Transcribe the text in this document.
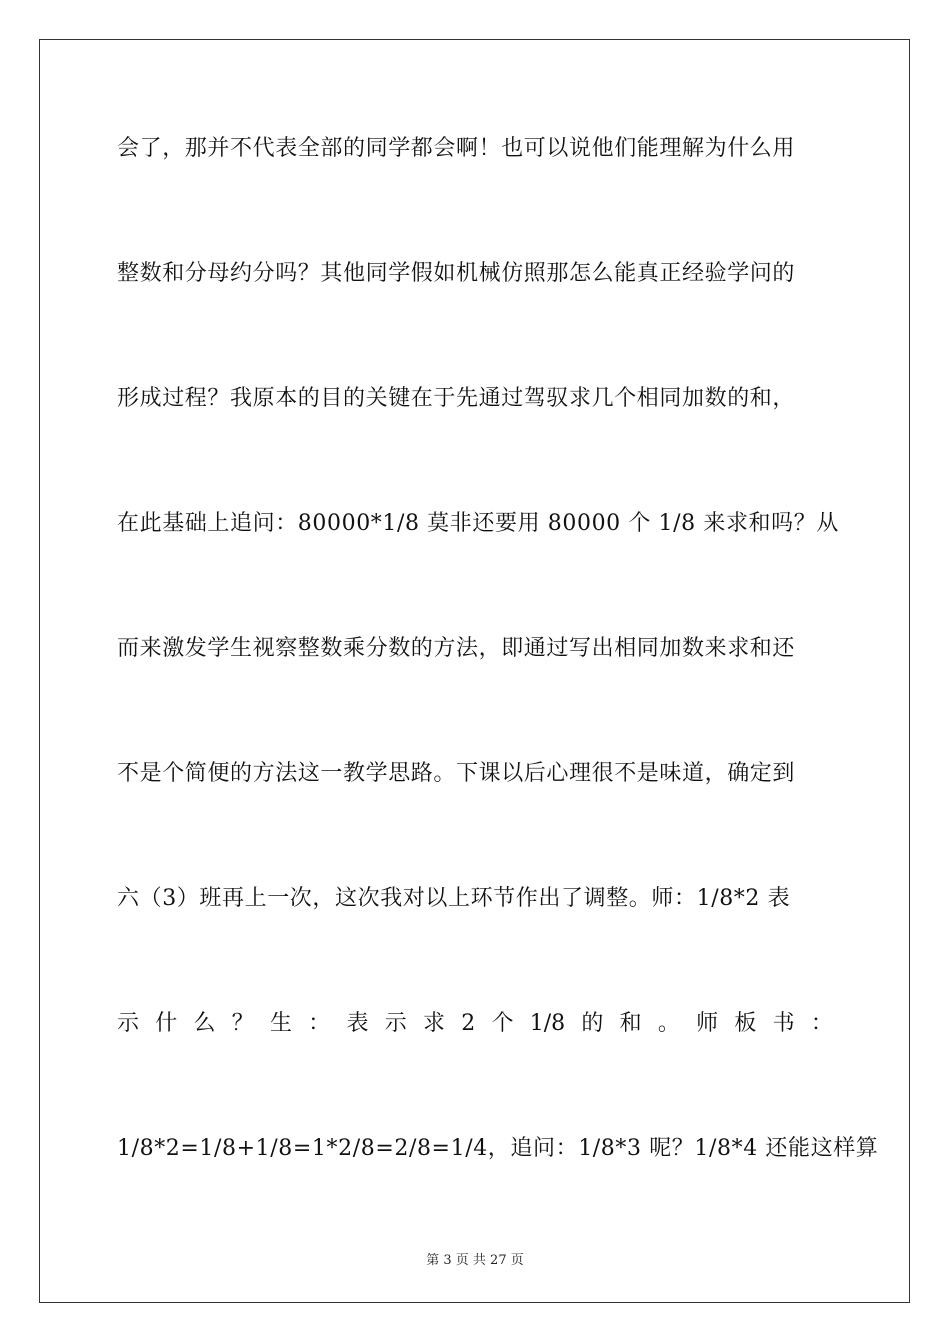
会了，那并不代表全部的同学都会啊！也可以说他们能理解为什么用

整数和分母约分吗？其他同学假如机械仿照那怎么能真正经验学问的

形成过程？我原本的目的关键在于先通过驾驭求几个相同加数的和，

在此基础上追问：80000*1/8 莫非还要用 80000 个 1/8 来求和吗？从

而来激发学生视察整数乘分数的方法，即通过写出相同加数来求和还

不是个简便的方法这一教学思路。下课以后心理很不是味道，确定到

六（3）班再上一次，这次我对以上环节作出了调整。师：1/8*2 表

示 什 么 ？ 生 ： 表 示 求 2 个 1/8 的 和 。 师 板 书 ：

1/8*2=1/8+1/8=1*2/8=2/8=1/4，追问：1/8*3 呢？1/8*4 还能这样算

第 3 页 共 27 页
